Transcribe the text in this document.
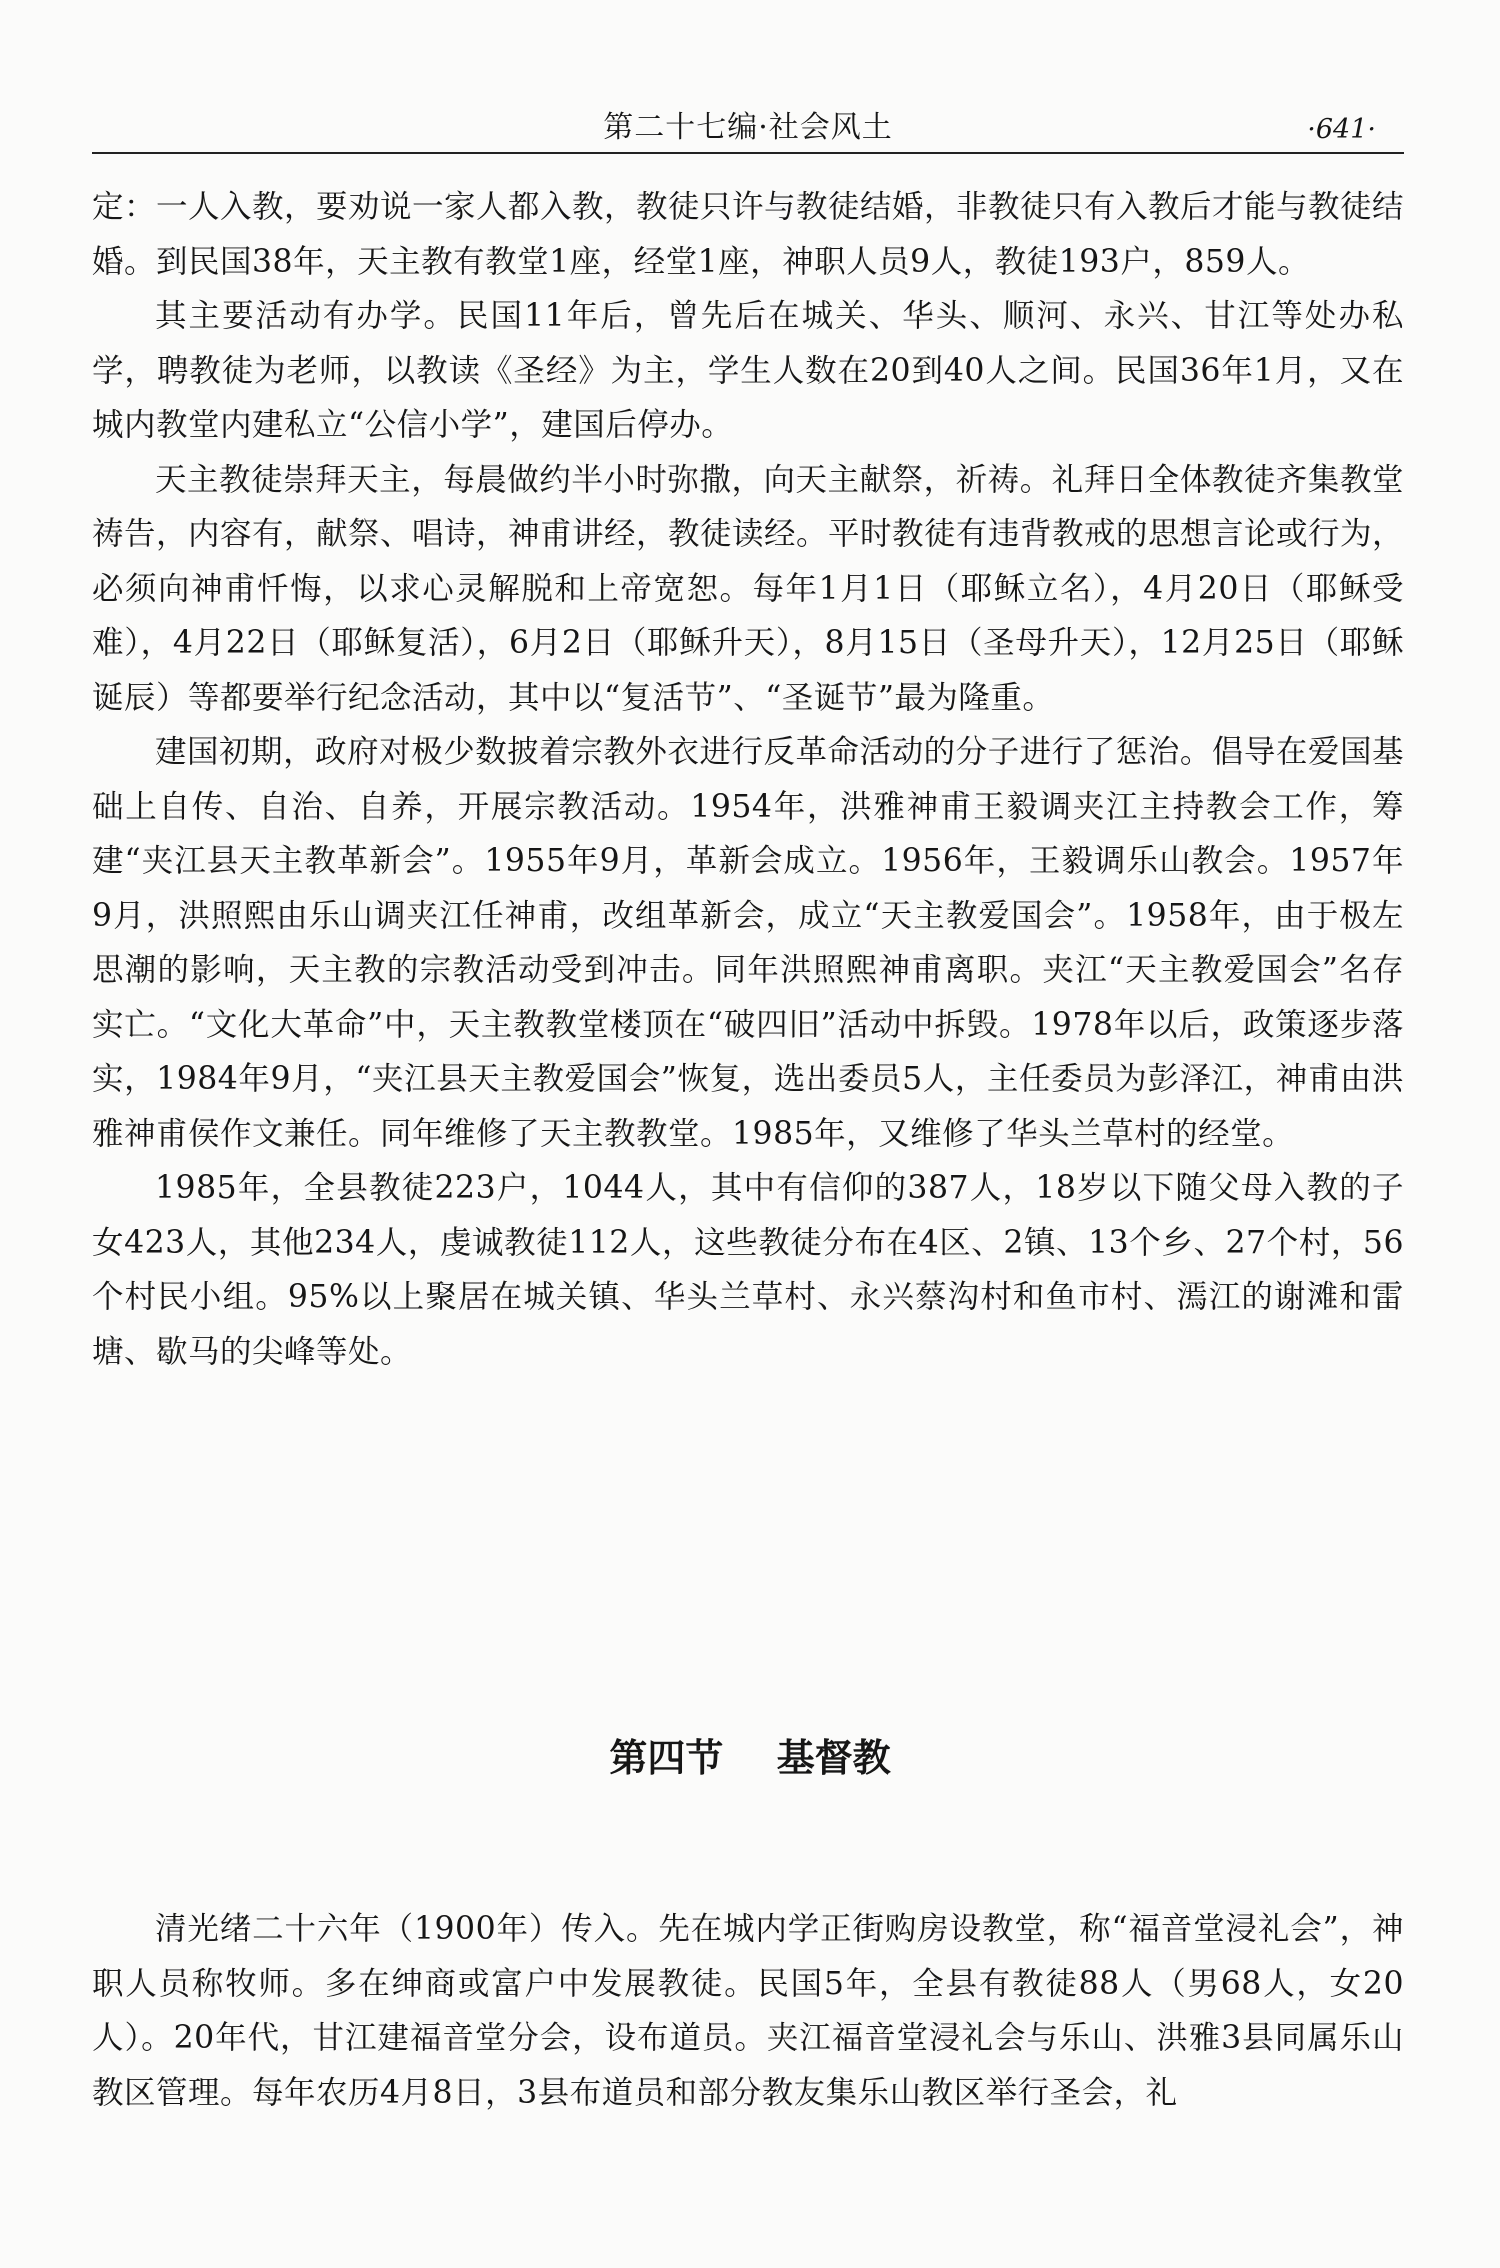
第二十七编·社会风土	·641·

定：一人入教，要劝说一家人都入教，教徒只许与教徒结婚，非教徒只有入教后才能与教徒结婚。到民国38年，天主教有教堂1座，经堂1座，神职人员9人，教徒193户，859人。

其主要活动有办学。民国11年后，曾先后在城关、华头、顺河、永兴、甘江等处办私学，聘教徒为老师，以教读《圣经》为主，学生人数在20到40人之间。民国36年1月，又在城内教堂内建私立“公信小学”，建国后停办。

天主教徒崇拜天主，每晨做约半小时弥撒，向天主献祭，祈祷。礼拜日全体教徒齐集教堂祷告，内容有，献祭、唱诗，神甫讲经，教徒读经。平时教徒有违背教戒的思想言论或行为，必须向神甫忏悔，以求心灵解脱和上帝宽恕。每年1月1日（耶稣立名），4月20日（耶稣受难），4月22日（耶稣复活），6月2日（耶稣升天），8月15日（圣母升天），12月25日（耶稣诞辰）等都要举行纪念活动，其中以“复活节”、“圣诞节”最为隆重。

建国初期，政府对极少数披着宗教外衣进行反革命活动的分子进行了惩治。倡导在爱国基础上自传、自治、自养，开展宗教活动。1954年，洪雅神甫王毅调夹江主持教会工作，筹建“夹江县天主教革新会”。1955年9月，革新会成立。1956年，王毅调乐山教会。1957年9月，洪照熙由乐山调夹江任神甫，改组革新会，成立“天主教爱国会”。1958年，由于极左思潮的影响，天主教的宗教活动受到冲击。同年洪照熙神甫离职。夹江“天主教爱国会”名存实亡。“文化大革命”中，天主教教堂楼顶在“破四旧”活动中拆毁。1978年以后，政策逐步落实，1984年9月，“夹江县天主教爱国会”恢复，选出委员5人，主任委员为彭泽江，神甫由洪雅神甫侯作文兼任。同年维修了天主教教堂。1985年，又维修了华头兰草村的经堂。

1985年，全县教徒223户，1044人，其中有信仰的387人，18岁以下随父母入教的子女423人，其他234人，虔诚教徒112人，这些教徒分布在4区、2镇、13个乡、27个村，56个村民小组。95%以上聚居在城关镇、华头兰草村、永兴蔡沟村和鱼市村、漹江的谢滩和雷塘、歇马的尖峰等处。

第四节 基督教

清光绪二十六年（1900年）传入。先在城内学正街购房设教堂，称“福音堂浸礼会”，神职人员称牧师。多在绅商或富户中发展教徒。民国5年，全县有教徒88人（男68人，女20人）。20年代，甘江建福音堂分会，设布道员。夹江福音堂浸礼会与乐山、洪雅3县同属乐山教区管理。每年农历4月8日，3县布道员和部分教友集乐山教区举行圣会，礼
